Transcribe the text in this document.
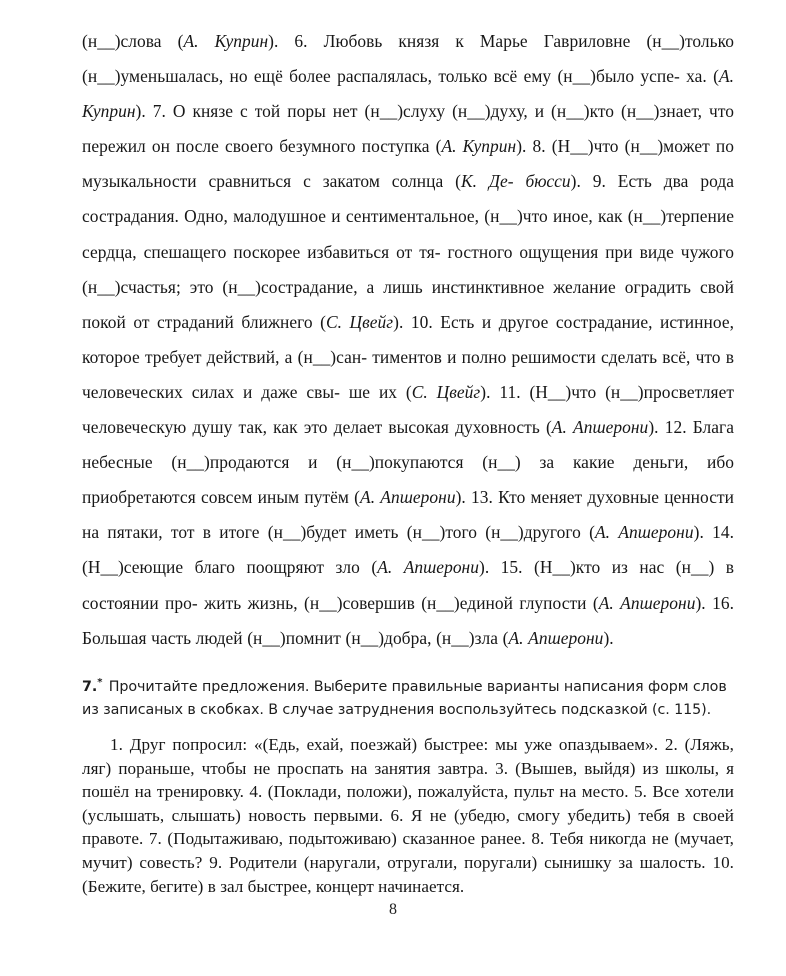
(н__)слова (А. Куприн). 6. Любовь князя к Марье Гавриловне (н__)только (н__)уменьшалась, но ещё более распалялась, только всё ему (н__)было успе- ха. (А. Куприн). 7. О князе с той поры нет (н__)слуху (н__)духу, и (н__)кто (н__)знает, что пережил он после своего безумного поступка (А. Куприн). 8. (Н__)что (н__)может по музыкальности сравниться с закатом солнца (К. Де- бюсси). 9. Есть два рода сострадания. Одно, малодушное и сентиментальное, (н__)что иное, как (н__)терпение сердца, спешащего поскорее избавиться от тя- гостного ощущения при виде чужого (н__)счастья; это (н__)сострадание, а лишь инстинктивное желание оградить свой покой от страданий ближнего (С. Цвейг). 10. Есть и другое сострадание, истинное, которое требует действий, а (н__)сан- тиментов и полно решимости сделать всё, что в человеческих силах и даже свы- ше их (С. Цвейг). 11. (Н__)что (н__)просветляет человеческую душу так, как это делает высокая духовность (А. Апшерони). 12. Блага небесные (н__)продаются и (н__)покупаются (н__) за какие деньги, ибо приобретаются совсем иным путём (А. Апшерони). 13. Кто меняет духовные ценности на пятаки, тот в итоге (н__)будет иметь (н__)того (н__)другого (А. Апшерони). 14. (Н__)сеющие благо поощряют зло (А. Апшерони). 15. (Н__)кто из нас (н__) в состоянии про- жить жизнь, (н__)совершив (н__)единой глупости (А. Апшерони). 16. Большая часть людей (н__)помнит (н__)добра, (н__)зла (А. Апшерони).

7.* Прочитайте предложения. Выберите правильные варианты написания форм слов из записаных в скобках. В случае затруднения воспользуйтесь подсказкой (с. 115).

1. Друг попросил: «(Едь, ехай, поезжай) быстрее: мы уже опаздываем». 2. (Ляжь, ляг) пораньше, чтобы не проспать на занятия завтра. 3. (Вышев, выйдя) из школы, я пошёл на тренировку. 4. (Поклади, положи), пожалуйста, пульт на место. 5. Все хотели (услышать, слышать) новость первыми. 6. Я не (убедю, смогу убедить) тебя в своей правоте. 7. (Подытаживаю, подытоживаю) сказанное ранее. 8. Тебя никогда не (мучает, мучит) совесть? 9. Родители (наругали, отругали, поругали) сынишку за шалость. 10. (Бежите, бегите) в зал быстрее, концерт начинается.

8
